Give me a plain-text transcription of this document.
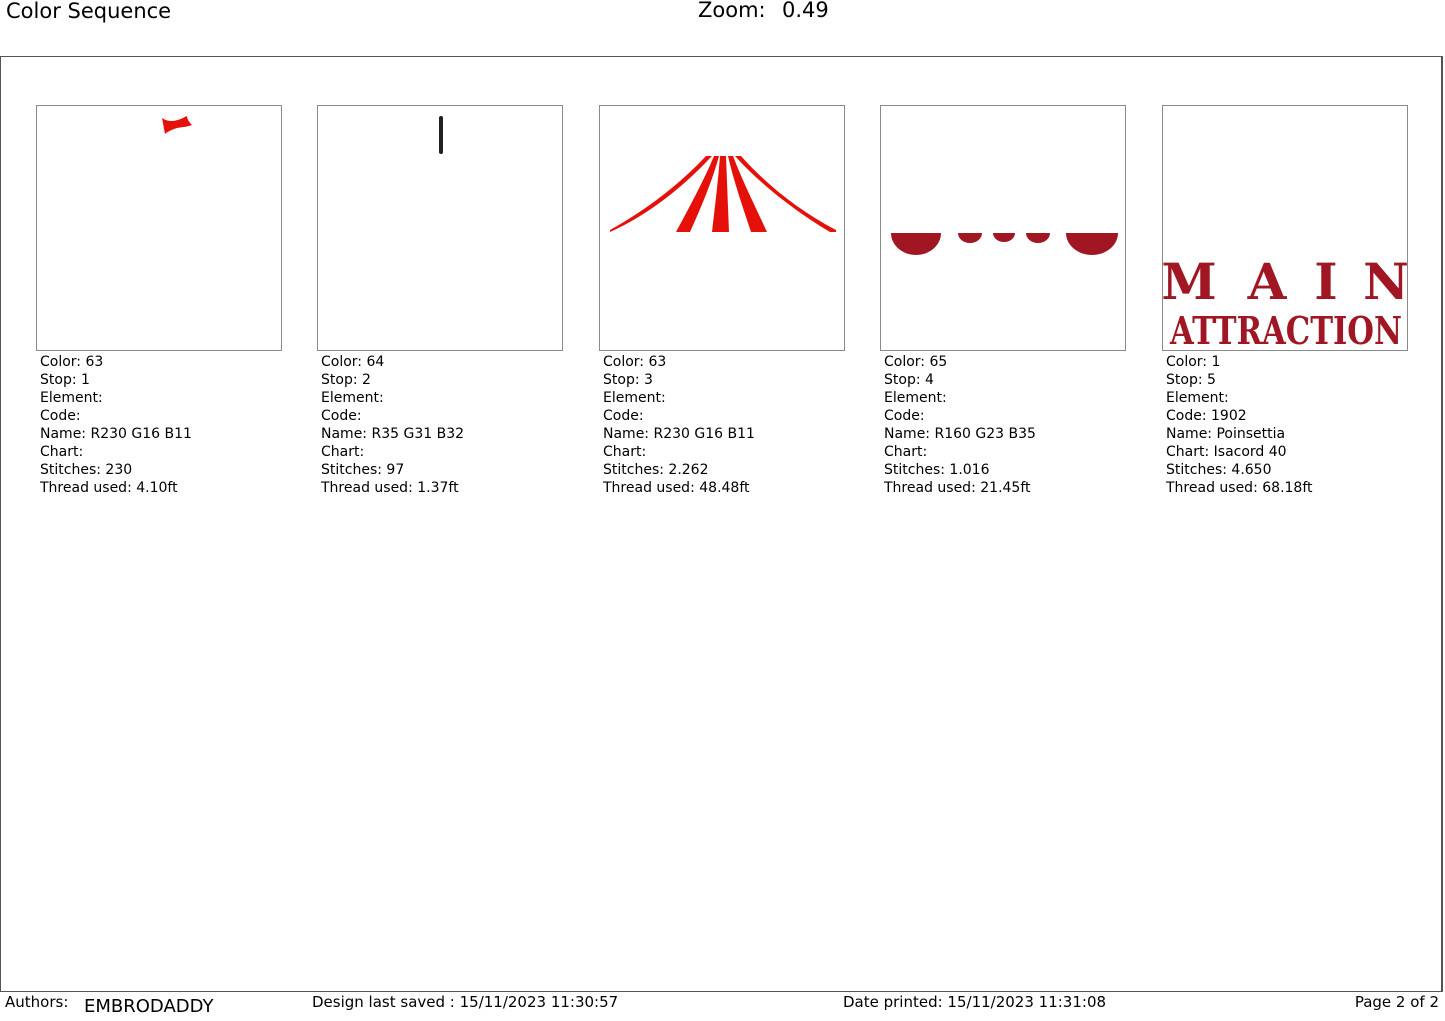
Color Sequence	Zoom: 0.49
Color: 63
Stop: 1
Element:
Code:
Name: R230 G16 B11
Chart:
Stitches: 230
Thread used: 4.10ft
Color: 64
Stop: 2
Element:
Code:
Name: R35 G31 B32
Chart:
Stitches: 97
Thread used: 1.37ft
Color: 63
Stop: 3
Element:
Code:
Name: R230 G16 B11
Chart:
Stitches: 2.262
Thread used: 48.48ft
Color: 65
Stop: 4
Element:
Code:
Name: R160 G23 B35
Chart:
Stitches: 1.016
Thread used: 21.45ft
M A I N
ATTRACTION
Color: 1
Stop: 5
Element:
Code: 1902
Name: Poinsettia
Chart: Isacord 40
Stitches: 4.650
Thread used: 68.18ft
Authors: EMBRODADDY	Design last saved : 15/11/2023 11:30:57	Date printed: 15/11/2023 11:31:08	Page 2 of 2
